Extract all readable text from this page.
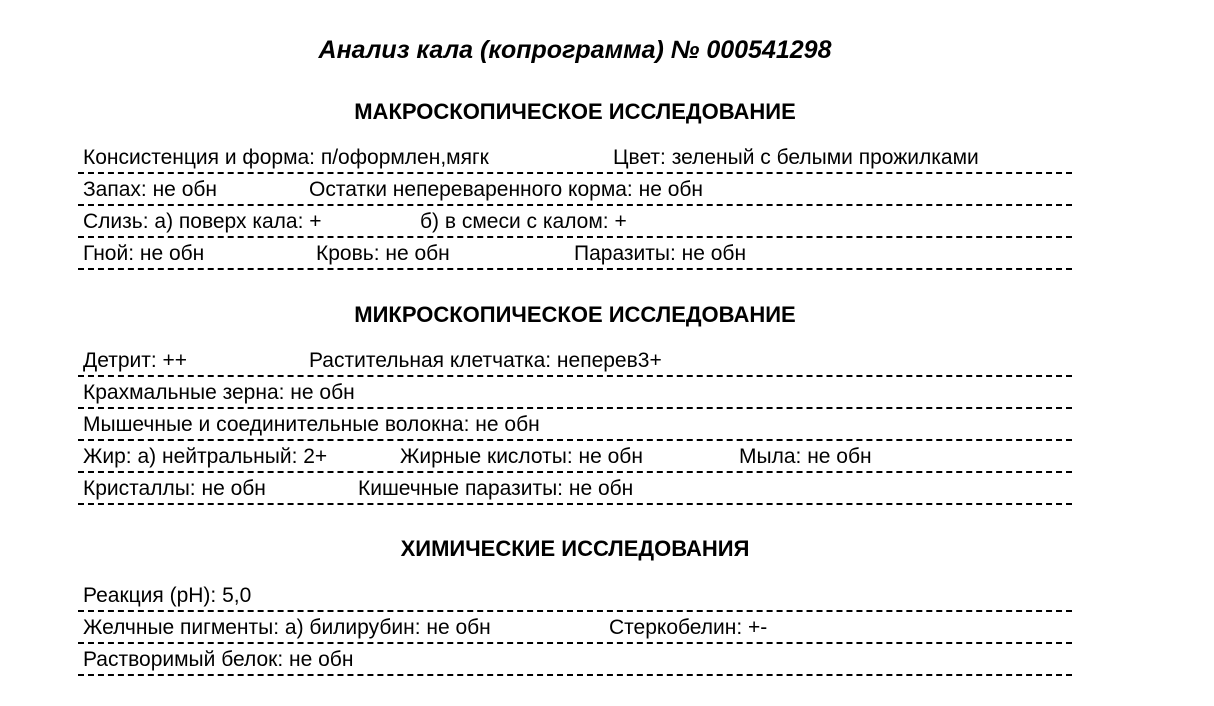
Анализ кала (копрограмма) № 000541298
МАКРОСКОПИЧЕСКОЕ ИССЛЕДОВАНИЕ
Консистенция и форма: п/оформлен,мягк	Цвет: зеленый с белыми прожилками
Запах: не обн	Остатки непереваренного корма: не обн
Слизь: а) поверх кала: +	б) в смеси с калом: +
Гной: не обн	Кровь: не обн	Паразиты: не обн
МИКРОСКОПИЧЕСКОЕ ИССЛЕДОВАНИЕ
Детрит: ++	Растительная клетчатка: неперев3+
Крахмальные зерна: не обн
Мышечные и соединительные волокна: не обн
Жир: а) нейтральный: 2+	Жирные кислоты: не обн	Мыла: не обн
Кристаллы: не обн	Кишечные паразиты: не обн
ХИМИЧЕСКИЕ ИССЛЕДОВАНИЯ
Реакция (pH): 5,0
Желчные пигменты: а) билирубин: не обн	Стеркобелин: +-
Растворимый белок: не обн
